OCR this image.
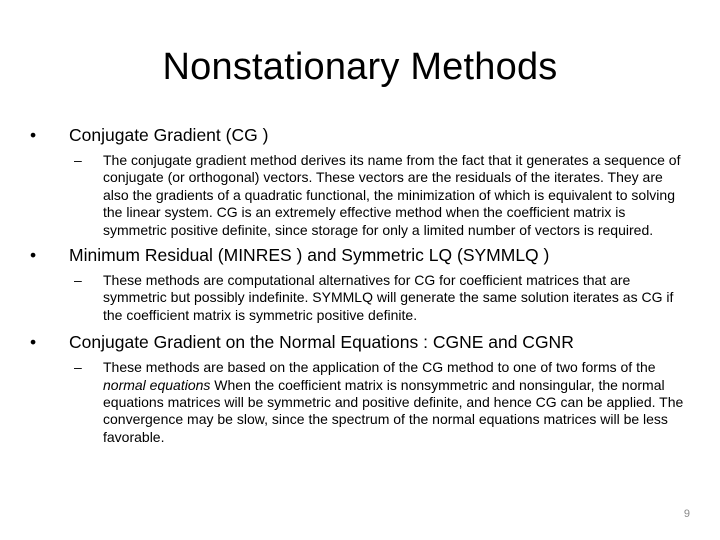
Nonstationary Methods
• Conjugate Gradient (CG )
– The conjugate gradient method derives its name from the fact that it generates a sequence of conjugate (or orthogonal) vectors. These vectors are the residuals of the iterates. They are also the gradients of a quadratic functional, the minimization of which is equivalent to solving the linear system. CG is an extremely effective method when the coefficient matrix is symmetric positive definite, since storage for only a limited number of vectors is required.
• Minimum Residual (MINRES ) and Symmetric LQ (SYMMLQ )
– These methods are computational alternatives for CG for coefficient matrices that are symmetric but possibly indefinite. SYMMLQ will generate the same solution iterates as CG if the coefficient matrix is symmetric positive definite.
• Conjugate Gradient on the Normal Equations : CGNE and CGNR
– These methods are based on the application of the CG method to one of two forms of the normal equations When the coefficient matrix is nonsymmetric and nonsingular, the normal equations matrices will be symmetric and positive definite, and hence CG can be applied. The convergence may be slow, since the spectrum of the normal equations matrices will be less favorable.
9
